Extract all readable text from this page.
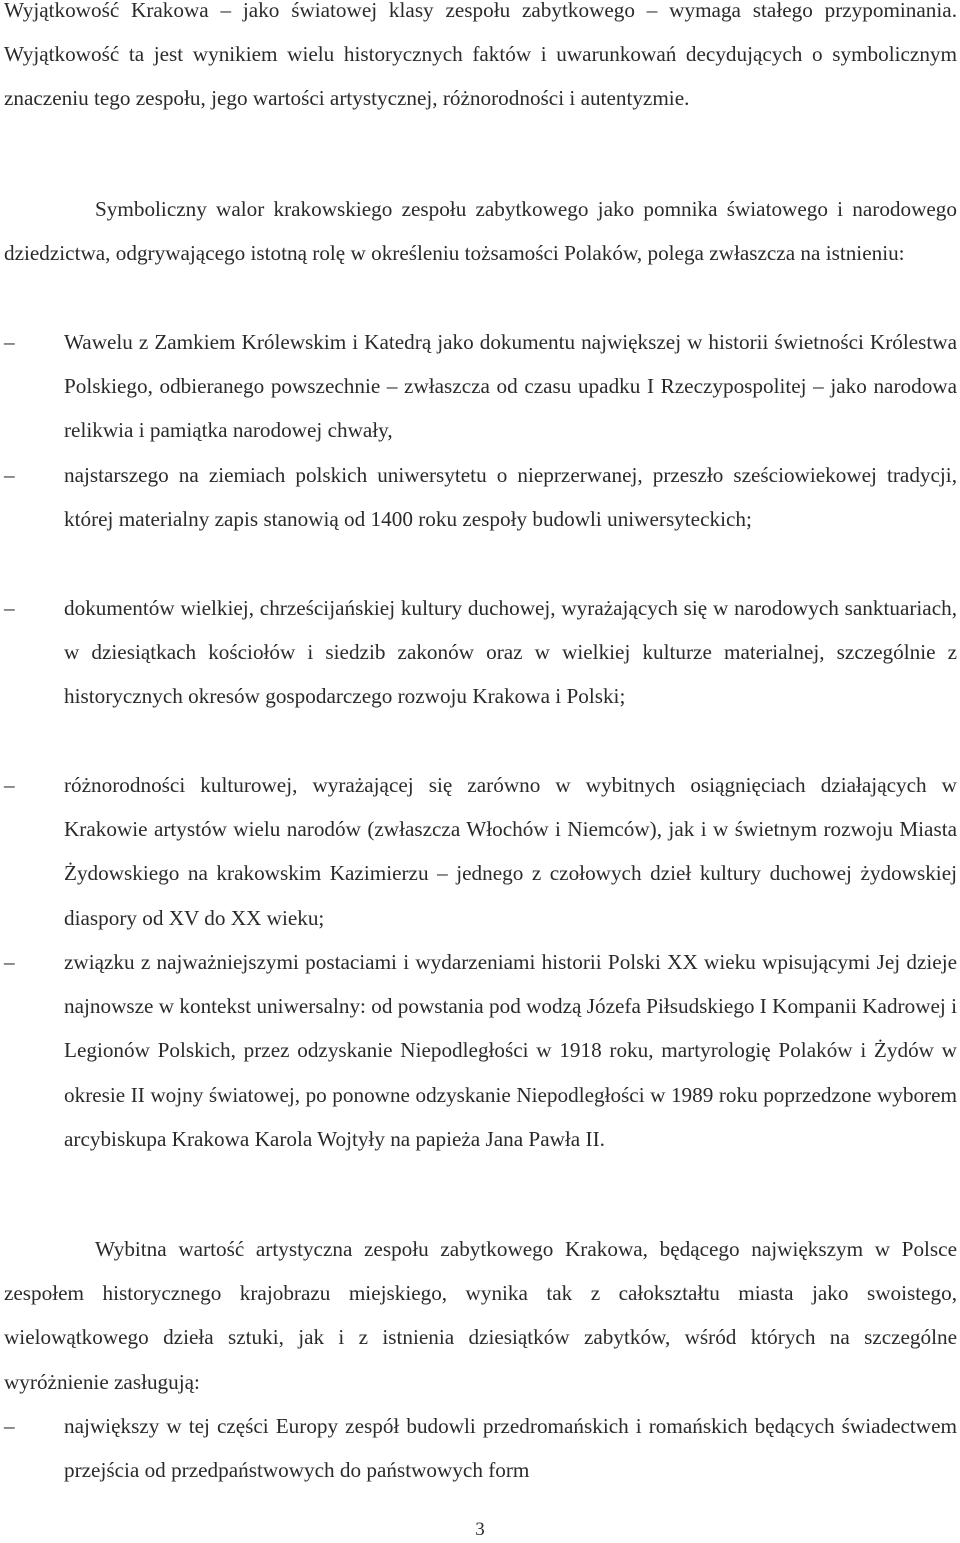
Wyjątkowość Krakowa – jako światowej klasy zespołu zabytkowego – wymaga stałego przypominania. Wyjątkowość ta jest wynikiem wielu historycznych faktów i uwarunkowań decydujących o symbolicznym znaczeniu tego zespołu, jego wartości artystycznej, różnorodności i autentyzmie.

Symboliczny walor krakowskiego zespołu zabytkowego jako pomnika światowego i narodowego dziedzictwa, odgrywającego istotną rolę w określeniu tożsamości Polaków, polega zwłaszcza na istnieniu:

–	Wawelu z Zamkiem Królewskim i Katedrą jako dokumentu największej w historii świetności Królestwa Polskiego, odbieranego powszechnie – zwłaszcza od czasu upadku I Rzeczypospolitej – jako narodowa relikwia i pamiątka narodowej chwały,
–	najstarszego na ziemiach polskich uniwersytetu o nieprzerwanej, przeszło sześciowiekowej tradycji, której materialny zapis stanowią od 1400 roku zespoły budowli uniwersyteckich;
–	dokumentów wielkiej, chrześcijańskiej kultury duchowej, wyrażających się w narodowych sanktuariach, w dziesiątkach kościołów i siedzib zakonów oraz w wielkiej kulturze materialnej, szczególnie z historycznych okresów gospodarczego rozwoju Krakowa i Polski;
–	różnorodności kulturowej, wyrażającej się zarówno w wybitnych osiągnięciach działających w Krakowie artystów wielu narodów (zwłaszcza Włochów i Niemców), jak i w świetnym rozwoju Miasta Żydowskiego na krakowskim Kazimierzu – jednego z czołowych dzieł kultury duchowej żydowskiej diaspory od XV do XX wieku;
–	związku z najważniejszymi postaciami i wydarzeniami historii Polski XX wieku wpisującymi Jej dzieje najnowsze w kontekst uniwersalny: od powstania pod wodzą Józefa Piłsudskiego I Kompanii Kadrowej i Legionów Polskich, przez odzyskanie Niepodległości w 1918 roku, martyrologię Polaków i Żydów w okresie II wojny światowej, po ponowne odzyskanie Niepodległości w 1989 roku poprzedzone wyborem arcybiskupa Krakowa Karola Wojtyły na papieża Jana Pawła II.

Wybitna wartość artystyczna zespołu zabytkowego Krakowa, będącego największym w Polsce zespołem historycznego krajobrazu miejskiego, wynika tak z całokształtu miasta jako swoistego, wielowątkowego dzieła sztuki, jak i z istnienia dziesiątków zabytków, wśród których na szczególne wyróżnienie zasługują:

–	największy w tej części Europy zespół budowli przedromańskich i romańskich będących świadectwem przejścia od przedpaństwowych do państwowych form
3
